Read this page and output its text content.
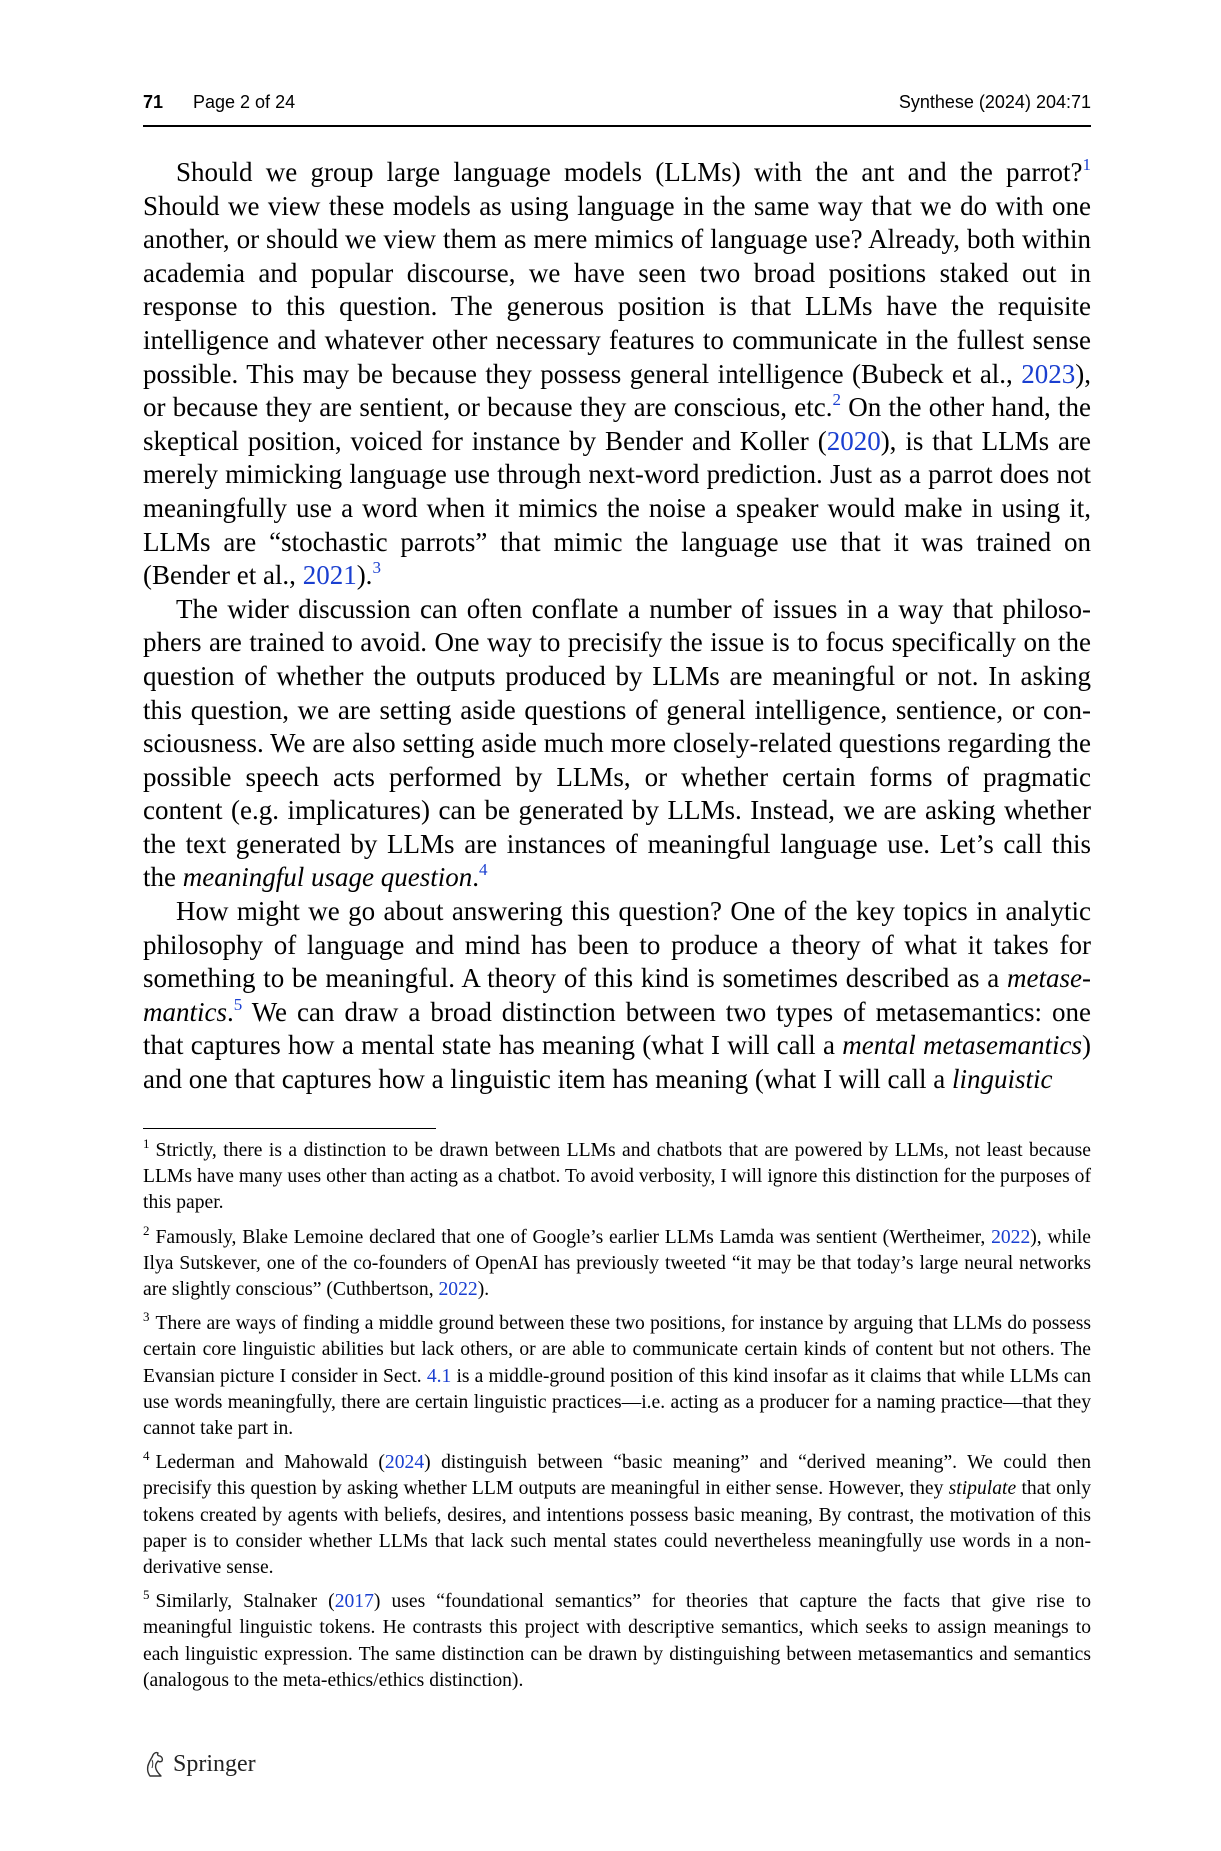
71 Page 2 of 24	Synthese (2024) 204:71

Should we group large language models (LLMs) with the ant and the parrot?$^1$ Should we view these models as using language in the same way that we do with one another, or should we view them as mere mimics of language use? Already, both within academia and popular discourse, we have seen two broad positions staked out in response to this question. The generous position is that LLMs have the requisite intelligence and whatever other necessary features to communicate in the fullest sense possible. This may be because they possess general intelligence (Bubeck et al., 2023), or because they are sentient, or because they are conscious, etc.$^2$ On the other hand, the skeptical position, voiced for instance by Bender and Koller (2020), is that LLMs are merely mimicking language use through next-word prediction. Just as a parrot does not meaningfully use a word when it mimics the noise a speaker would make in using it, LLMs are “stochastic parrots” that mimic the language use that it was trained on (Bender et al., 2021).$^3$

The wider discussion can often conflate a number of issues in a way that philosophers are trained to avoid. One way to precisify the issue is to focus specifically on the question of whether the outputs produced by LLMs are meaningful or not. In asking this question, we are setting aside questions of general intelligence, sentience, or consciousness. We are also setting aside much more closely-related questions regarding the possible speech acts performed by LLMs, or whether certain forms of pragmatic content (e.g. implicatures) can be generated by LLMs. Instead, we are asking whether the text generated by LLMs are instances of meaningful language use. Let’s call this the meaningful usage question.$^4$

How might we go about answering this question? One of the key topics in analytic philosophy of language and mind has been to produce a theory of what it takes for something to be meaningful. A theory of this kind is sometimes described as a metasemantics.$^5$ We can draw a broad distinction between two types of metasemantics: one that captures how a mental state has meaning (what I will call a mental metasemantics) and one that captures how a linguistic item has meaning (what I will call a linguistic

$^1$ Strictly, there is a distinction to be drawn between LLMs and chatbots that are powered by LLMs, not least because LLMs have many uses other than acting as a chatbot. To avoid verbosity, I will ignore this distinction for the purposes of this paper.

$^2$ Famously, Blake Lemoine declared that one of Google’s earlier LLMs Lamda was sentient (Wertheimer, 2022), while Ilya Sutskever, one of the co-founders of OpenAI has previously tweeted “it may be that today’s large neural networks are slightly conscious” (Cuthbertson, 2022).

$^3$ There are ways of finding a middle ground between these two positions, for instance by arguing that LLMs do possess certain core linguistic abilities but lack others, or are able to communicate certain kinds of content but not others. The Evansian picture I consider in Sect. 4.1 is a middle-ground position of this kind insofar as it claims that while LLMs can use words meaningfully, there are certain linguistic practices—i.e. acting as a producer for a naming practice—that they cannot take part in.

$^4$ Lederman and Mahowald (2024) distinguish between “basic meaning” and “derived meaning”. We could then precisify this question by asking whether LLM outputs are meaningful in either sense. However, they stipulate that only tokens created by agents with beliefs, desires, and intentions possess basic meaning, By contrast, the motivation of this paper is to consider whether LLMs that lack such mental states could nevertheless meaningfully use words in a non-derivative sense.

$^5$ Similarly, Stalnaker (2017) uses “foundational semantics” for theories that capture the facts that give rise to meaningful linguistic tokens. He contrasts this project with descriptive semantics, which seeks to assign meanings to each linguistic expression. The same distinction can be drawn by distinguishing between metasemantics and semantics (analogous to the meta-ethics/ethics distinction).

Springer
